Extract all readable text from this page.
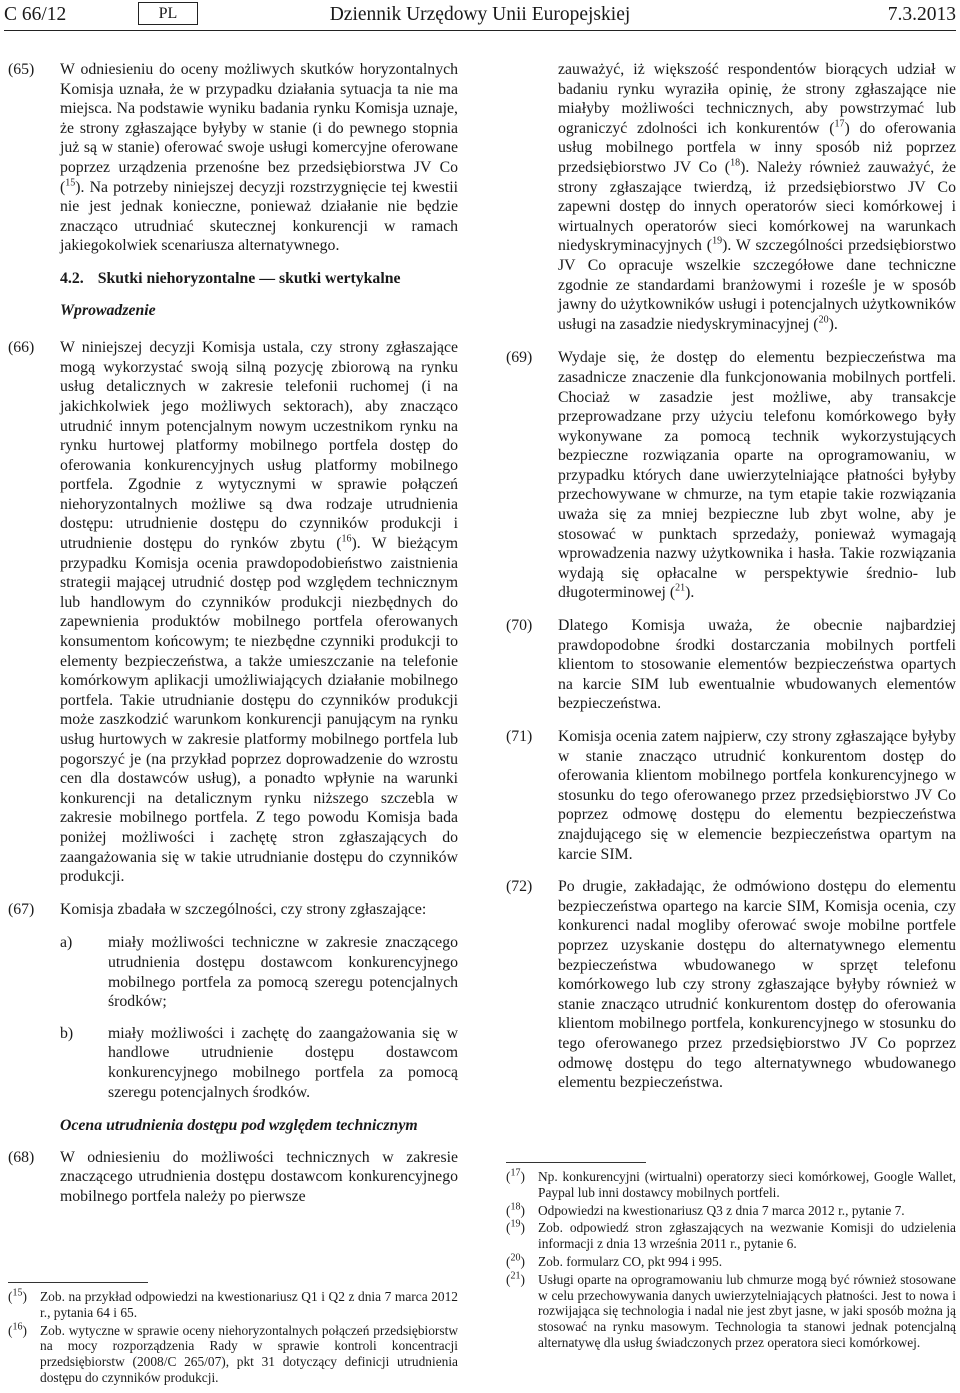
C 66/12	PL	Dziennik Urzędowy Unii Europejskiej	7.3.2013
(65) W odniesieniu do oceny możliwych skutków horyzontalnych Komisja uznała, że w przypadku działania sytuacja ta nie ma miejsca. Na podstawie wyniku badania rynku Komisja uznaje, że strony zgłaszające byłyby w stanie (i do pewnego stopnia już są w stanie) oferować swoje usługi komercyjne oferowane poprzez urządzenia przenośne bez przedsiębiorstwa JV Co ($^{15}$). Na potrzeby niniejszej decyzji rozstrzygnięcie tej kwestii nie jest jednak konieczne, ponieważ działanie nie będzie znacząco utrudniać skutecznej konkurencji w ramach jakiegokolwiek scenariusza alternatywnego.
4.2. Skutki niehoryzontalne — skutki wertykalne
Wprowadzenie
(66) W niniejszej decyzji Komisja ustala, czy strony zgłaszające mogą wykorzystać swoją silną pozycję zbiorową na rynku usług detalicznych w zakresie telefonii ruchomej (i na jakichkolwiek jego możliwych sektorach), aby znacząco utrudnić innym potencjalnym nowym uczestnikom rynku na rynku hurtowej platformy mobilnego portfela dostęp do oferowania konkurencyjnych usług platformy mobilnego portfela. Zgodnie z wytycznymi w sprawie połączeń niehoryzontalnych możliwe są dwa rodzaje utrudnienia dostępu: utrudnienie dostępu do czynników produkcji i utrudnienie dostępu do rynków zbytu ($^{16}$). W bieżącym przypadku Komisja ocenia prawdopodobieństwo zaistnienia strategii mającej utrudnić dostęp pod względem technicznym lub handlowym do czynników produkcji niezbędnych do zapewnienia produktów mobilnego portfela oferowanych konsumentom końcowym; te niezbędne czynniki produkcji to elementy bezpieczeństwa, a także umieszczanie na telefonie komórkowym aplikacji umożliwiających działanie mobilnego portfela. Takie utrudnianie dostępu do czynników produkcji może zaszkodzić warunkom konkurencji panującym na rynku usług hurtowych w zakresie platformy mobilnego portfela lub pogorszyć je (na przykład poprzez doprowadzenie do wzrostu cen dla dostawców usług), a ponadto wpłynie na warunki konkurencji na detalicznym rynku niższego szczebla w zakresie mobilnego portfela. Z tego powodu Komisja bada poniżej możliwości i zachętę stron zgłaszających do zaangażowania się w takie utrudnianie dostępu do czynników produkcji.
(67) Komisja zbadała w szczególności, czy strony zgłaszające:
a) miały możliwości techniczne w zakresie znaczącego utrudnienia dostępu dostawcom konkurencyjnego mobilnego portfela za pomocą szeregu potencjalnych środków;
b) miały możliwości i zachętę do zaangażowania się w handlowe utrudnienie dostępu dostawcom konkurencyjnego mobilnego portfela za pomocą szeregu potencjalnych środków.
Ocena utrudnienia dostępu pod względem technicznym
(68) W odniesieniu do możliwości technicznych w zakresie znaczącego utrudnienia dostępu dostawcom konkurencyjnego mobilnego portfela należy po pierwsze
zauważyć, iż większość respondentów biorących udział w badaniu rynku wyraziła opinię, że strony zgłaszające nie miałyby możliwości technicznych, aby powstrzymać lub ograniczyć zdolności ich konkurentów ($^{17}$) do oferowania usług mobilnego portfela w inny sposób niż poprzez przedsiębiorstwo JV Co ($^{18}$). Należy również zauważyć, że strony zgłaszające twierdzą, iż przedsiębiorstwo JV Co zapewni dostęp do innych operatorów sieci komórkowej i wirtualnych operatorów sieci komórkowej na warunkach niedyskryminacyjnych ($^{19}$). W szczególności przedsiębiorstwo JV Co opracuje wszelkie szczegółowe dane techniczne zgodnie ze standardami branżowymi i roześle je w sposób jawny do użytkowników usługi i potencjalnych użytkowników usługi na zasadzie niedyskryminacyjnej ($^{20}$).
(69) Wydaje się, że dostęp do elementu bezpieczeństwa ma zasadnicze znaczenie dla funkcjonowania mobilnych portfeli. Chociaż w zasadzie jest możliwe, aby transakcje przeprowadzane przy użyciu telefonu komórkowego były wykonywane za pomocą technik wykorzystujących bezpieczne rozwiązania oparte na oprogramowaniu, w przypadku których dane uwierzytelniające płatności byłyby przechowywane w chmurze, na tym etapie takie rozwiązania uważa się za mniej bezpieczne lub zbyt wolne, aby je stosować w punktach sprzedaży, ponieważ wymagają wprowadzenia nazwy użytkownika i hasła. Takie rozwiązania wydają się opłacalne w perspektywie średnio- lub długoterminowej ($^{21}$).
(70) Dlatego Komisja uważa, że obecnie najbardziej prawdopodobne środki dostarczania mobilnych portfeli klientom to stosowanie elementów bezpieczeństwa opartych na karcie SIM lub ewentualnie wbudowanych elementów bezpieczeństwa.
(71) Komisja ocenia zatem najpierw, czy strony zgłaszające byłyby w stanie znacząco utrudnić konkurentom dostęp do oferowania klientom mobilnego portfela konkurencyjnego w stosunku do tego oferowanego przez przedsiębiorstwo JV Co poprzez odmowę dostępu do elementu bezpieczeństwa znajdującego się w elemencie bezpieczeństwa opartym na karcie SIM.
(72) Po drugie, zakładając, że odmówiono dostępu do elementu bezpieczeństwa opartego na karcie SIM, Komisja ocenia, czy konkurenci nadal mogliby oferować swoje mobilne portfele poprzez uzyskanie dostępu do alternatywnego elementu bezpieczeństwa wbudowanego w sprzęt telefonu komórkowego lub czy strony zgłaszające byłyby również w stanie znacząco utrudnić konkurentom dostęp do oferowania klientom mobilnego portfela, konkurencyjnego w stosunku do tego oferowanego przez przedsiębiorstwo JV Co poprzez odmowę dostępu do tego alternatywnego wbudowanego elementu bezpieczeństwa.
($^{15}$) Zob. na przykład odpowiedzi na kwestionariusz Q1 i Q2 z dnia 7 marca 2012 r., pytania 64 i 65.
($^{16}$) Zob. wytyczne w sprawie oceny niehoryzontalnych połączeń przedsiębiorstw na mocy rozporządzenia Rady w sprawie kontroli koncentracji przedsiębiorstw (2008/C 265/07), pkt 31 dotyczący definicji utrudnienia dostępu do czynników produkcji.
($^{17}$) Np. konkurencyjni (wirtualni) operatorzy sieci komórkowej, Google Wallet, Paypal lub inni dostawcy mobilnych portfeli.
($^{18}$) Odpowiedzi na kwestionariusz Q3 z dnia 7 marca 2012 r., pytanie 7.
($^{19}$) Zob. odpowiedź stron zgłaszających na wezwanie Komisji do udzielenia informacji z dnia 13 września 2011 r., pytanie 6.
($^{20}$) Zob. formularz CO, pkt 994 i 995.
($^{21}$) Usługi oparte na oprogramowaniu lub chmurze mogą być również stosowane w celu przechowywania danych uwierzytelniających płatności. Jest to nowa i rozwijająca się technologia i nadal nie jest zbyt jasne, w jaki sposób można ją stosować na rynku masowym. Technologia ta stanowi jednak potencjalną alternatywę dla usług świadczonych przez operatora sieci komórkowej.
